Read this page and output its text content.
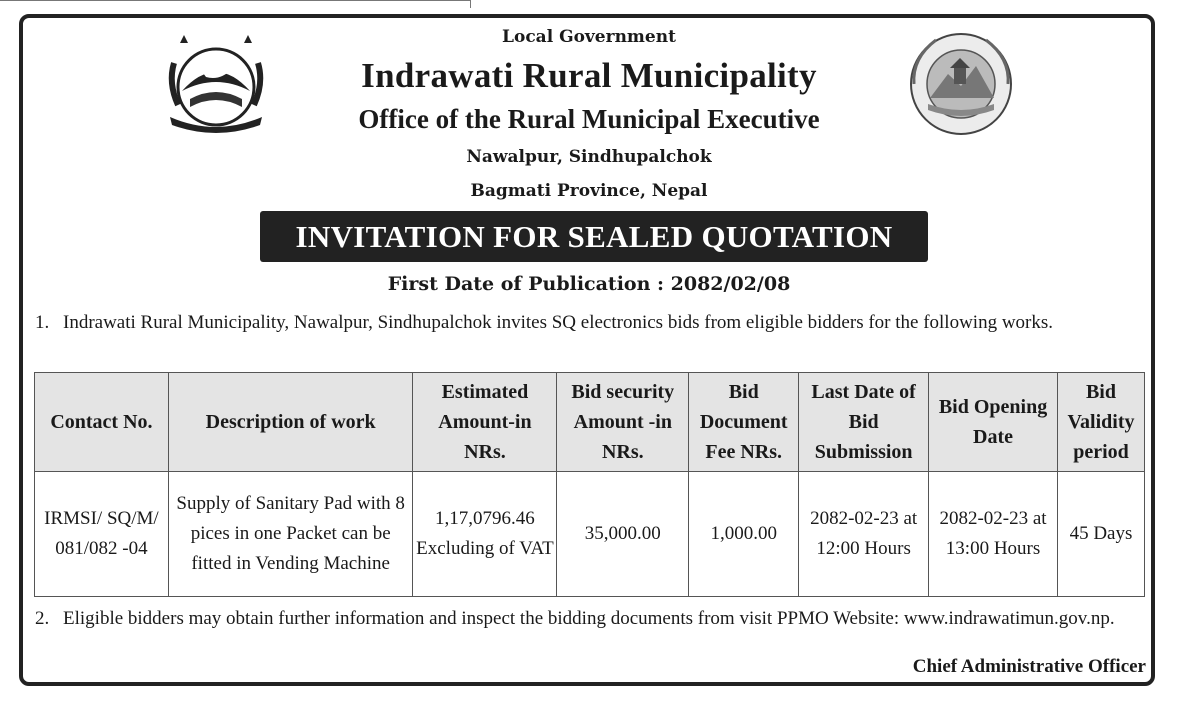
Local Government
Indrawati Rural Municipality
Office of the Rural Municipal Executive
Nawalpur, Sindhupalchok
Bagmati Province, Nepal
INVITATION FOR SEALED QUOTATION
First Date of Publication : 2082/02/08
1. Indrawati Rural Municipality, Nawalpur, Sindhupalchok invites SQ electronics bids from eligible bidders for the following works.
Contact No.	Description of work	Estimated Amount-in NRs.	Bid security Amount -in NRs.	Bid Document Fee NRs.	Last Date of Bid Submission	Bid Opening Date	Bid Validity period
IRMSI/ SQ/M/ 081/082 -04	Supply of Sanitary Pad with 8 pices in one Packet can be fitted in Vending Machine	1,17,0796.46 Excluding of VAT	35,000.00	1,000.00	2082-02-23 at 12:00 Hours	2082-02-23 at 13:00 Hours	45 Days
2. Eligible bidders may obtain further information and inspect the bidding documents from visit PPMO Website: www.indrawatimun.gov.np.
Chief Administrative Officer
